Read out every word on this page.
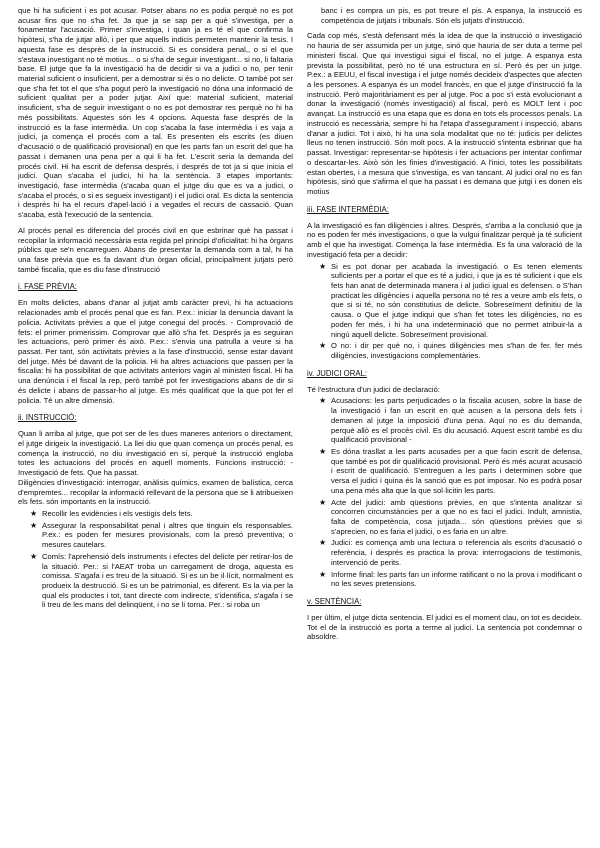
que hi ha suficient i es pot acusar. Potser abans no es podia perquè no es pot acusar fins que no s'ha fet. Ja que ja se sap per a què s'investiga, per a fonamentar l'acusació. Primer s'investiga, i quan ja es té el que confirma la hipòtesi, s'ha de jutjar allò, i per que aquells indicis permeten mantenir la tesis. I aquesta fase es després de la instrucció. Si es considera penal,, o si el que s'estava investigant no té motius... o si s'ha de seguir investigant... si no, li faltaria base. El jutge que fa la investigació ha de decidir si va a judici o no, per tenir material suficient o insuficient, per a demostrar si és o no delicte. O també pot ser que s'ha fet tot el que s'ha pogut però la investigació no dóna una informació de suficient qualitat per a poder jutjar. Així que: material suficient, material insuficient, s'ha de seguir investigant o no es pot demostrar res perquè no hi ha més possibilitats. Aquestes són les 4 opcions. Aquesta fase després de la instrucció es la fase intermèdia. Un cop s'acaba la fase intermèdia i es vaja a judici, ja comença el procés com a tal. Es presenten els escrits (es diuen d'acusació o de qualificació provisional) en que les parts fan un escrit del que ha passat i demanen una pena per a qui li ha fet. L'escrit seria la demanda del procés civil. Hi ha escrit de defensa després, i després de tot ja si que inicia el judici. Quan s'acaba el judici, hi ha la sentència. 3 etapes importants: investigació, fase intermèdia (s'acaba quan el jutge diu que es va a judici, o s'acaba el procés, o si es segueix investigant) i el judici oral. Es dicta la sentencia i després hi ha el recurs d'apel·lació i a vegades el recurs de cassació. Quan s'acaba, està l'execució de la sentencia.

Al procés penal es diferencia del procés civil en que esbrinar què ha passat i recopilar la informació necessària esta regida pel principi d'oficialitat: hi ha òrgans públics que se'n encarreguen. Abans de presentar la demanda com a tal, hi ha una fase prèvia que es fa davant d'un òrgan oficial, principalment jutjats però també fiscalia, que es diu fase d'instrucció

i. FASE PRÈVIA:

En molts delictes, abans d'anar al jutjat amb caràcter previ, hi ha actuacions relacionades amb el procés penal que es fan. P.ex.: iniciar la denuncia davant la policia. Activitats prèvies a que el jutge conegui del procés. - Comprovació de fets: el primer primerissim. Comprovar que allò s'ha fet. Després ja es seguiran les actuacions, però primer és això. P.ex.: s'envia una patrulla a veure si ha passat. Per tant, són activitats prèvies a la fase d'instrucció, sense estar davant del jutge. Més bé davant de la policia. Hi ha altres actuacions que passen per la fiscalia: hi ha possibilitat de que activitats anteriors vagin al ministeri fiscal. Hi ha una denúncia i el fiscal la rep, però també pot fer investigacions abans de dir si és delicte i abans de passar-ho al jutge. Es més qualificat que la que pot fer el policia. Té un altre dimensió.

ii. INSTRUCCIÓ:

Quan li arriba al jutge, que pot ser de les dues maneres anteriors o directament, el jutge dirigeix la investigació. La llei diu que quan comença un procés penal, es comença la instrucció, no diu investigació en si, perquè la instrucció engloba totes les actuacions del procés en aquell moments. Funcions instrucció: - Investigació de fets. Que ha passat.

Diligències d'investigació: interrogar, anàlisis químics, examen de balística, cerca d'empremtes... recopilar la informació rellevant de la persona que se li atribueixen els fets. són importants en la instrucció.

★ Recollir les evidències i els vestigis dels fets.
★ Assegurar la responsabilitat penal i altres que tinguin els responsables. P.ex.: es poden fer mesures provisionals, com la presó preventiva; o mesures cautelars.
★ Comís: l'aprehensió dels instruments i efectes del delicte per retirar-los de la situació. Per.: si l'AEAT troba un carregament de droga, aquesta es comissa. S'agafa i es treu de la situació. Si es un be il·lícit, normalment es produeix la destrucció. Si es un be patrimonial, es diferent. Es la via per la qual els productes i tot, tant directe com indirecte, s'identifica, s'agafa i se li treu de les mans del delinqüent, i no se li torna. Per.: si roba un

banc i es compra un pis, es pot treure el pis. A espanya, la instrucció es competència de jutjats i tribunals. Són els jutjats d'instrucció.

Cada cop més, s'està defensant més la idea de que la instrucció o investigació no hauria de ser assumida per un jutge, sinó que hauria de ser duta a terme pel ministeri fiscal. Que qui investigui sigui el fiscal, no el jutge. A espanya esta prevista la possibilitat, però no té una estructura en sí. Però és per un jutge. P.ex.: a EEUU, el fiscal investiga i el jutge només decideix d'aspectes que afecten a les persones. A espanya és un model francès, en que el jutge d'instrucció fa la instrucció. Però majoritàriament es per al jutge. Poc a poc s'i està evolucionant a donar la investigació (només investigació) al fiscal, però es MOLT lent i poc avançat. La instrucció es una etapa que es dona en tots els processos penals. La instrucció es necessària, sempre hi ha l'etapa d'assegurament i inspecció, abans d'anar a judici. Tot i això, hi ha una sola modalitat que no té: judicis per delictes lleus no tenen instrucció. Són molt pocs. A la instrucció s'intenta esbrinar que ha passat. Investigar: representar-se hipòtesis i fer actuacions per intentar confirmar o descartar-les. Això són les finies d'investigació. A l'inici, totes les possibilitats estan obertes, i a mesura que s'investiga, es van tancant. Al judici oral no es fan hipòtesis, sinó que s'afirma el que ha passat i es demana que jutgi i es donen els motius

iii. FASE INTERMÈDIA:

A la investigació es fan diligències i altres. Després, s'arriba a la conclusió que ja no es poden fer més investigacions, o que la vulgui finalitzar perquè ja té suficient amb el que ha investigat. Comença la fase intermèdia. Es fa una valoració de la investigació feta per a decidir:

★ Si es pot donar per acabada la investigació. o Es tenen elements suficients per a portar el que es té a judici, i que ja es té suficient i que els fets han anat de determinada manera i al judici igual es defensen. o S'han practicat les diligències i aquella persona no té res a veure amb els fets, o que si si té, no són constitutius de delicte. Sobreseïment definitiu de la causa. o Que el jutge indiqui que s'han fet totes les diligències, no es poden fer més, i hi ha una indeterminació que no permet atribuir-la a ningú aquell delicte. Sobreseïment provisional.
★ O no: i dir per què no, i quines diligències mes s'han de fer. fer més diligències, investigacions complementàries.
iv. JUDICI ORAL:

Té l'estructura d'un judici de declaració:

★ Acusacions: les parts perjudicades o la fiscalia acusen, sobre la base de la investigació i fan un escrit en què acusen a la persona dels fets i demanen al jutge la imposició d'una pena. Aquí no es diu demanda, perquè allò es el procés civil. Es diu acusació. Aquest escrit també es diu qualificació provisional -
★ Es dóna trasllat a les parts acusades per a que facin escrit de defensa, que també es pot dir qualificació provisional. Però és més acurat acusació i escrit de qualificació. S'entreguen a les parts i determinen sobre que versa el judici i quina és la sanció que es pot imposar. No es podrà posar una pena més alta que la que sol·licitin les parts.
★ Acte del judici: amb qüestions prèvies, en que s'intenta analitzar si concorren circumstàncies per a que no es faci el judici. Indult, amnistia, falta de competència, cosa jutjada... són qüestions prèvies que si s'aprecien, no es faria el judici, o es faria en un altre.
★ Judici: es comença amb una lectura o referencia als escrits d'acusació o referència, i després es practica la prova: interrogacions de testimonis, intervenció de perits.
★ Informe final: les parts fan un informe ratificant o no la prova i modificant o no les seves pretensions.
v. SENTÈNCIA:

I per últim, el jutge dicta sentencia. El judici es el moment clau, on tot es decideix. Tot el de la instrucció es porta a terme al judici. La sentencia pot condemnar o absoldre.
